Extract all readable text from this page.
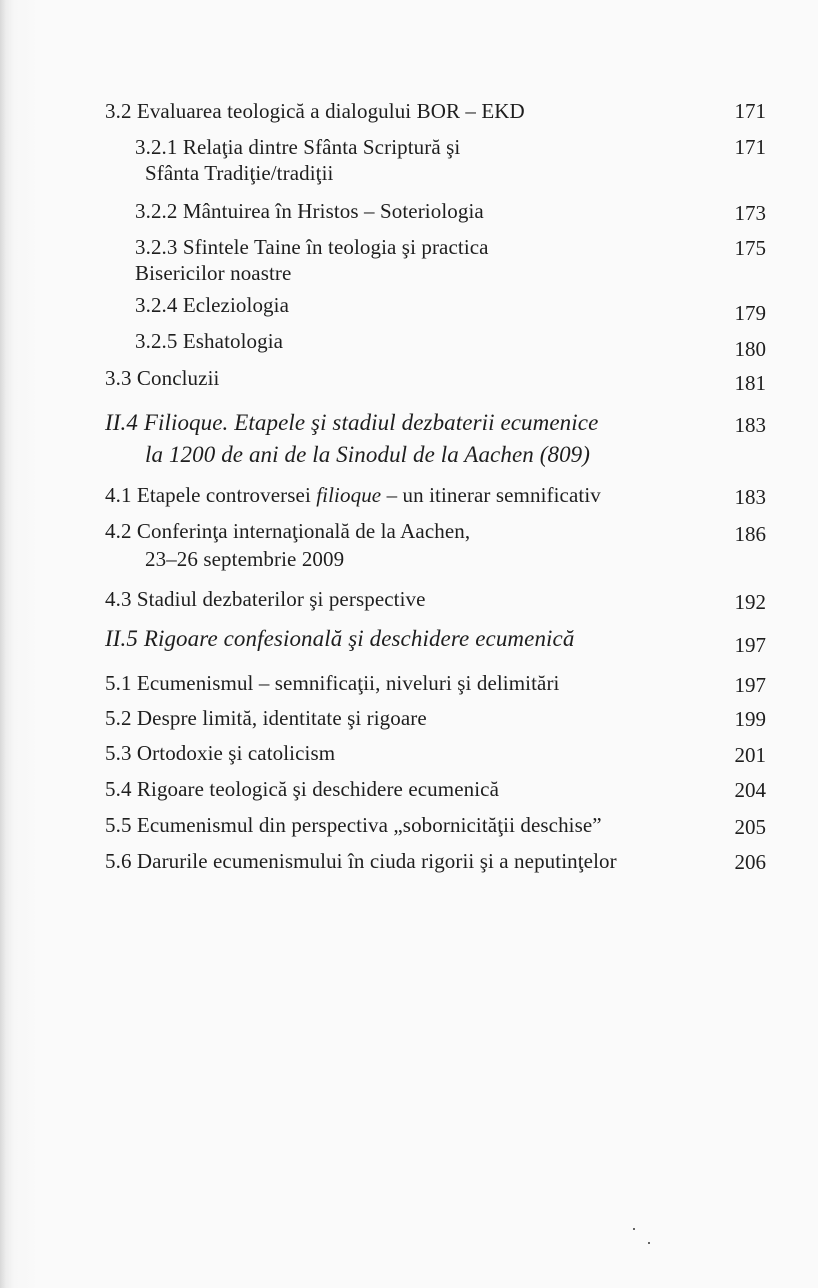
3.2 Evaluarea teologică a dialogului BOR – EKD	171
3.2.1 Relaţia dintre Sfânta Scriptură şi	171
Sfânta Tradiţie/tradiţii
3.2.2 Mântuirea în Hristos – Soteriologia	173
3.2.3 Sfintele Taine în teologia şi practica	175
Bisericilor noastre
3.2.4 Ecleziologia	179
3.2.5 Eshatologia	180
3.3 Concluzii	181
II.4 Filioque. Etapele şi stadiul dezbaterii ecumenice	183
la 1200 de ani de la Sinodul de la Aachen (809)
4.1 Etapele controversei filioque – un itinerar semnificativ	183
4.2 Conferinţa internaţională de la Aachen,	186
23–26 septembrie 2009
4.3 Stadiul dezbaterilor şi perspective	192
II.5 Rigoare confesională şi deschidere ecumenică	197
5.1 Ecumenismul – semnificaţii, niveluri şi delimitări	197
5.2 Despre limită, identitate şi rigoare	199
5.3 Ortodoxie şi catolicism	201
5.4 Rigoare teologică şi deschidere ecumenică	204
5.5 Ecumenismul din perspectiva „sobornicităţii deschise”	205
5.6 Darurile ecumenismului în ciuda rigorii şi a neputinţelor	206
